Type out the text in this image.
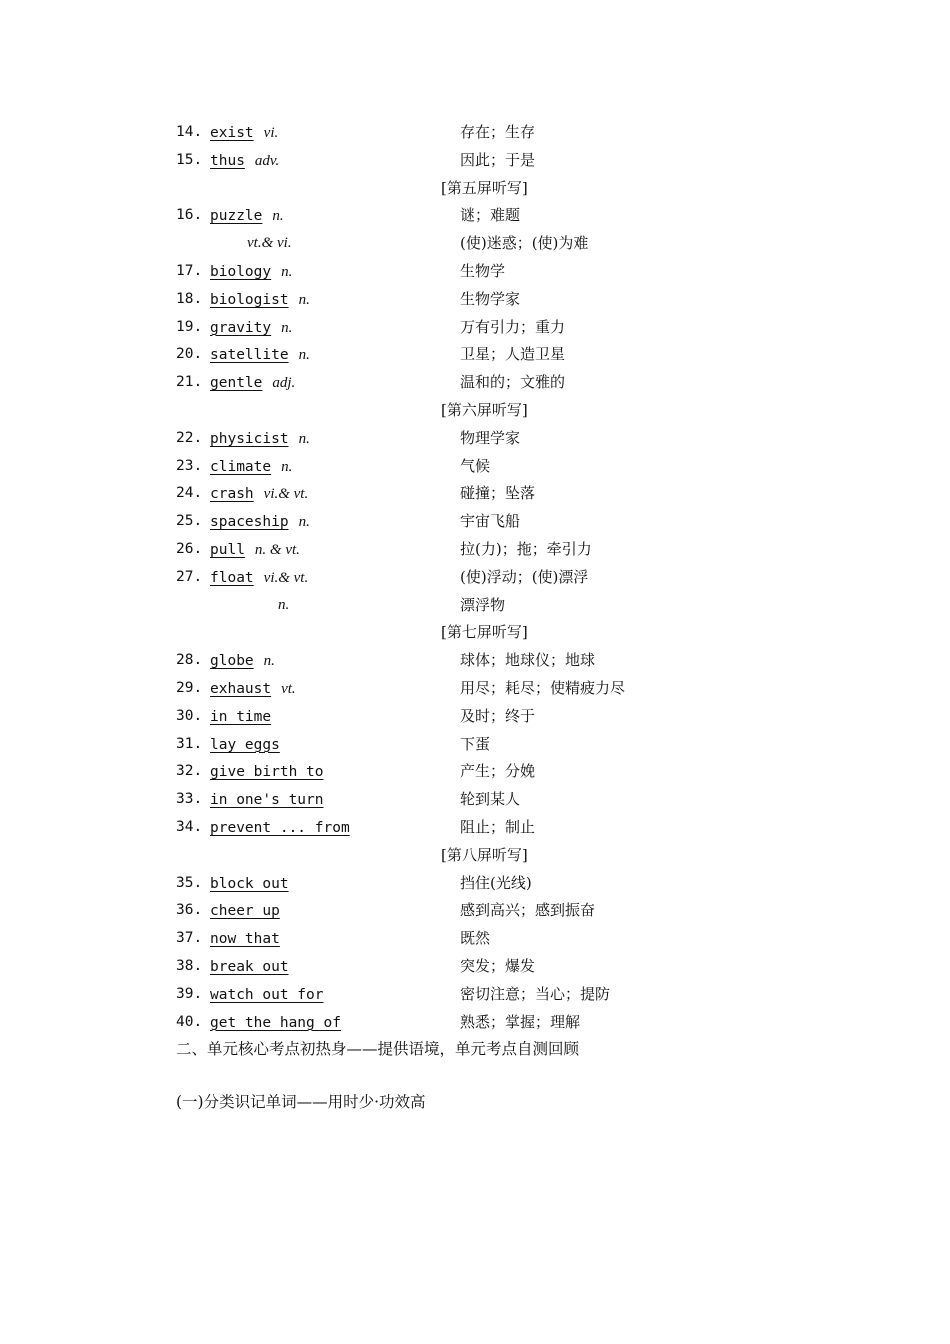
14. exist vi.	存在；生存
15. thus adv.	因此；于是
[第五屏听写]
16. puzzle n.	谜；难题
vt.& vi.	(使)迷惑；(使)为难
17. biology n.	生物学
18. biologist n.	生物学家
19. gravity n.	万有引力；重力
20. satellite n.	卫星；人造卫星
21. gentle adj.	温和的；文雅的
[第六屏听写]
22. physicist n.	物理学家
23. climate n.	气候
24. crash vi.& vt.	碰撞；坠落
25. spaceship n.	宇宙飞船
26. pull n. & vt.	拉(力)；拖；牵引力
27. float vi.& vt.	(使)浮动；(使)漂浮
n.	漂浮物
[第七屏听写]
28. globe n.	球体；地球仪；地球
29. exhaust vt.	用尽；耗尽；使精疲力尽
30. in time	及时；终于
31. lay eggs	下蛋
32. give birth to	产生；分娩
33. in one's turn	轮到某人
34. prevent ... from	阻止；制止
[第八屏听写]
35. block out	挡住(光线)
36. cheer up	感到高兴；感到振奋
37. now that	既然
38. break out	突发；爆发
39. watch out for	密切注意；当心；提防
40. get the hang of	熟悉；掌握；理解
二、单元核心考点初热身——提供语境，单元考点自测回顾
(一)分类识记单词——用时少·功效高
